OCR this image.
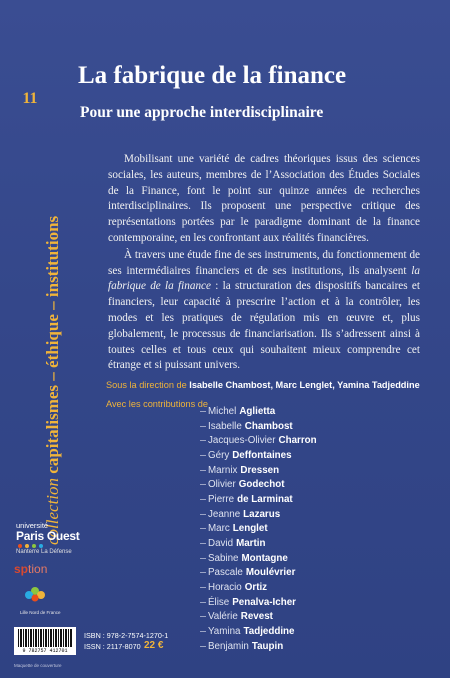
11
collection capitalismes – éthique – institutions
La fabrique de la finance
Pour une approche interdisciplinaire

Mobilisant une variété de cadres théoriques issus des sciences sociales, les auteurs, membres de l’Association des Études Sociales de la Finance, font le point sur quinze années de recherches interdisciplinaires. Ils proposent une perspective critique des représentations portées par le paradigme dominant de la finance contemporaine, en les confrontant aux réalités financières.

À travers une étude fine de ses instruments, du fonctionnement de ses intermédiaires financiers et de ses institutions, ils analysent la fabrique de la finance : la structuration des dispositifs bancaires et financiers, leur capacité à prescrire l’action et à la contrôler, les modes et les pratiques de régulation mis en œuvre et, plus globalement, le processus de financiarisation. Ils s’adressent ainsi à toutes celles et tous ceux qui souhaitent mieux comprendre cet étrange et si puissant univers.

Sous la direction de Isabelle Chambost, Marc Lenglet, Yamina Tadjeddine
Avec les contributions de
Michel Aglietta
Isabelle Chambost
Jacques-Olivier Charron
Géry Deffontaines
Marnix Dressen
Olivier Godechot
Pierre de Larminat
Jeanne Lazarus
Marc Lenglet
David Martin
Sabine Montagne
Pascale Moulévrier
Horacio Ortiz
Élise Penalva-Icher
Valérie Revest
Yamina Tadjeddine
Benjamin Taupin
université
Paris Ouest
Nanterre La Défense
sption
Lille Nord de France
9 782757 412701
Maquette de couverture
ISBN : 978-2-7574-1270-1
ISSN : 2117-8070 22 €
